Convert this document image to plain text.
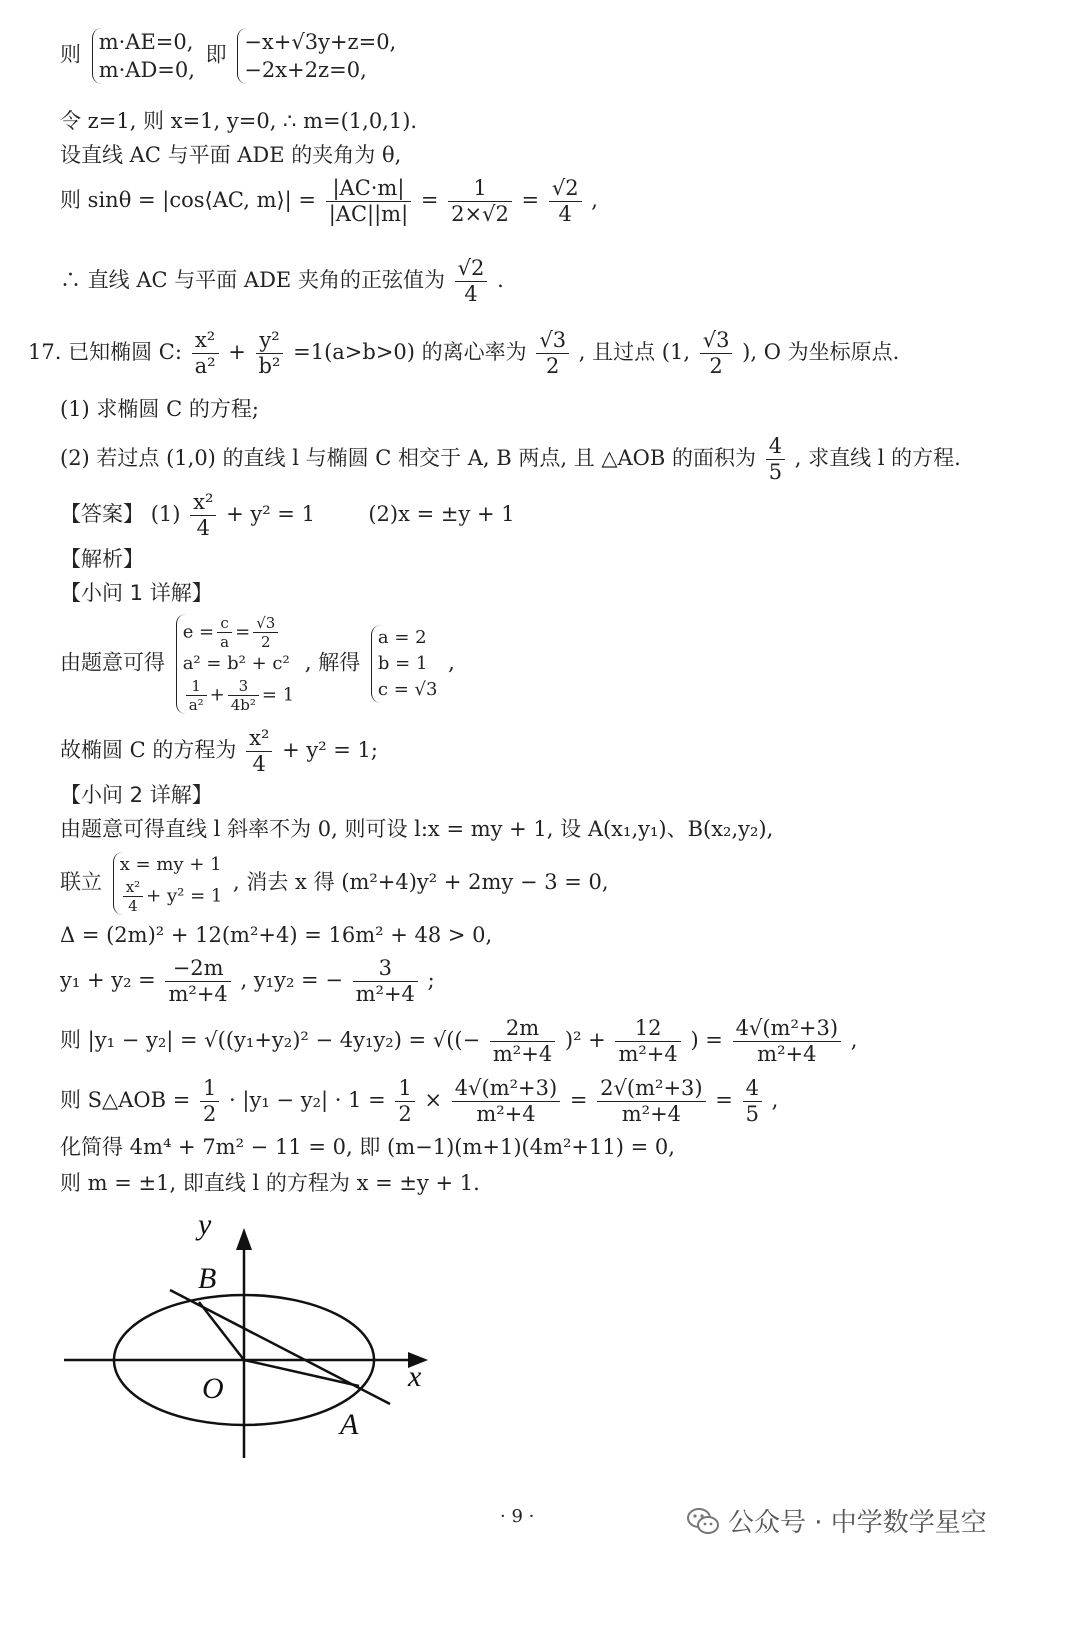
则
m·AE=0,
m·AD=0,
即
−x+√3y+z=0,
−2x+2z=0,
令 z=1, 则 x=1, y=0, ∴ m=(1,0,1).
设直线 AC 与平面 ADE 的夹角为 θ,
则 sinθ = |cos⟨AC, m⟩| = $\frac{|AC\cdot m|}{|AC||m|} = \frac{1}{2\times√2} = \frac{√2}{4}$ ,
∴ 直线 AC 与平面 ADE 夹角的正弦值为 $\frac{√2}{4}$ .
17. 已知椭圆 C: $\frac{\text{x²}}{\text{a²}} + \frac{\text{y²}}{\text{b²}} =1(a>b>0)$ 的离心率为 $\frac{√3}{2}$ , 且过点 (1, $\frac{√3}{2}$ ), O 为坐标原点.
(1) 求椭圆 C 的方程;
(2) 若过点 (1,0) 的直线 l 与椭圆 C 相交于 A, B 两点, 且 △AOB 的面积为 $\frac{4}{5}$ , 求直线 l 的方程.
【答案】 $(1) \frac{\text{x²}}{4} + y^2 = 1$	(2)x = ±y + 1
【解析】
【小问 1 详解】
由题意可得
$e = \frac{c}{a} = \frac{√3}{2}$
a² = b² + c²
$\frac{1}{\text{a²}} + \frac{3}{\text{4b²}} = 1$
, 解得
a = 2
b = 1
c = √3
,
故椭圆 C 的方程为 $\frac{\text{x²}}{4} + y^2 = 1$;
【小问 2 详解】
由题意可得直线 l 斜率不为 0, 则可设 l:x = my + 1, 设 A(x₁,y₁)、B(x₂,y₂),
联立
x = my + 1
$\frac{\text{x²}}{4} + y^2 = 1$
, 消去 x 得 (m²+4)y² + 2my − 3 = 0,
Δ = (2m)² + 12(m²+4) = 16m² + 48 > 0,
$y_1 + y_2 = \frac{-2m}{\text{m²+4}}$ , y₁y₂ = − $\frac{3}{\text{m²+4}}$ ;
则 |y₁ − y₂| = √((y₁+y₂)² − 4y₁y₂) = √((− $\frac{2m}{\text{m²+4}} )^2 + \frac{12}{\text{m²+4}}$ ) = $\frac{\text{4√(m²+3)}}{\text{m²+4}}$ ,
则 S△AOB = $\frac{1}{2} \cdot |y_1 - y_2| \cdot 1 = \frac{1}{2} \times \frac{\text{4√(m²+3)}}{\text{m²+4}} = \frac{\text{2√(m²+3)}}{\text{m²+4}} = \frac{4}{5}$ ,
化简得 4m⁴ + 7m² − 11 = 0, 即 (m−1)(m+1)(4m²+11) = 0,
则 m = ±1, 即直线 l 的方程为 x = ±y + 1.
y
x
O
A
B
· 9 ·	公众号 · 中学数学星空
